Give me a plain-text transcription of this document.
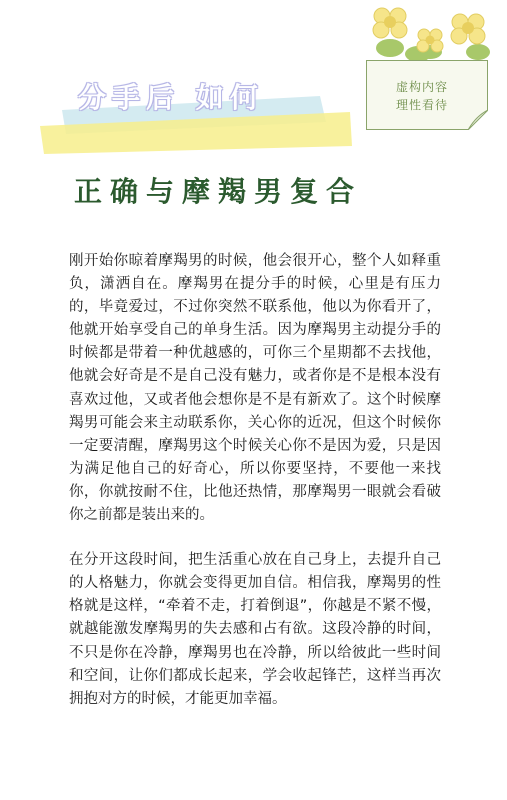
虚构内容
理性看待
分手后 如何
正确与摩羯男复合

刚开始你晾着摩羯男的时候，他会很开心，整个人如释重负，潇洒自在。摩羯男在提分手的时候，心里是有压力的，毕竟爱过，不过你突然不联系他，他以为你看开了，他就开始享受自己的单身生活。因为摩羯男主动提分手的时候都是带着一种优越感的，可你三个星期都不去找他，他就会好奇是不是自己没有魅力，或者你是不是根本没有喜欢过他，又或者他会想你是不是有新欢了。这个时候摩羯男可能会来主动联系你，关心你的近况，但这个时候你一定要清醒，摩羯男这个时候关心你不是因为爱，只是因为满足他自己的好奇心，所以你要坚持，不要他一来找你，你就按耐不住，比他还热情，那摩羯男一眼就会看破你之前都是装出来的。

在分开这段时间，把生活重心放在自己身上，去提升自己的人格魅力，你就会变得更加自信。相信我，摩羯男的性格就是这样，“牵着不走，打着倒退”，你越是不紧不慢，就越能激发摩羯男的失去感和占有欲。这段冷静的时间，不只是你在冷静，摩羯男也在冷静，所以给彼此一些时间和空间，让你们都成长起来，学会收起锋芒，这样当再次拥抱对方的时候，才能更加幸福。
